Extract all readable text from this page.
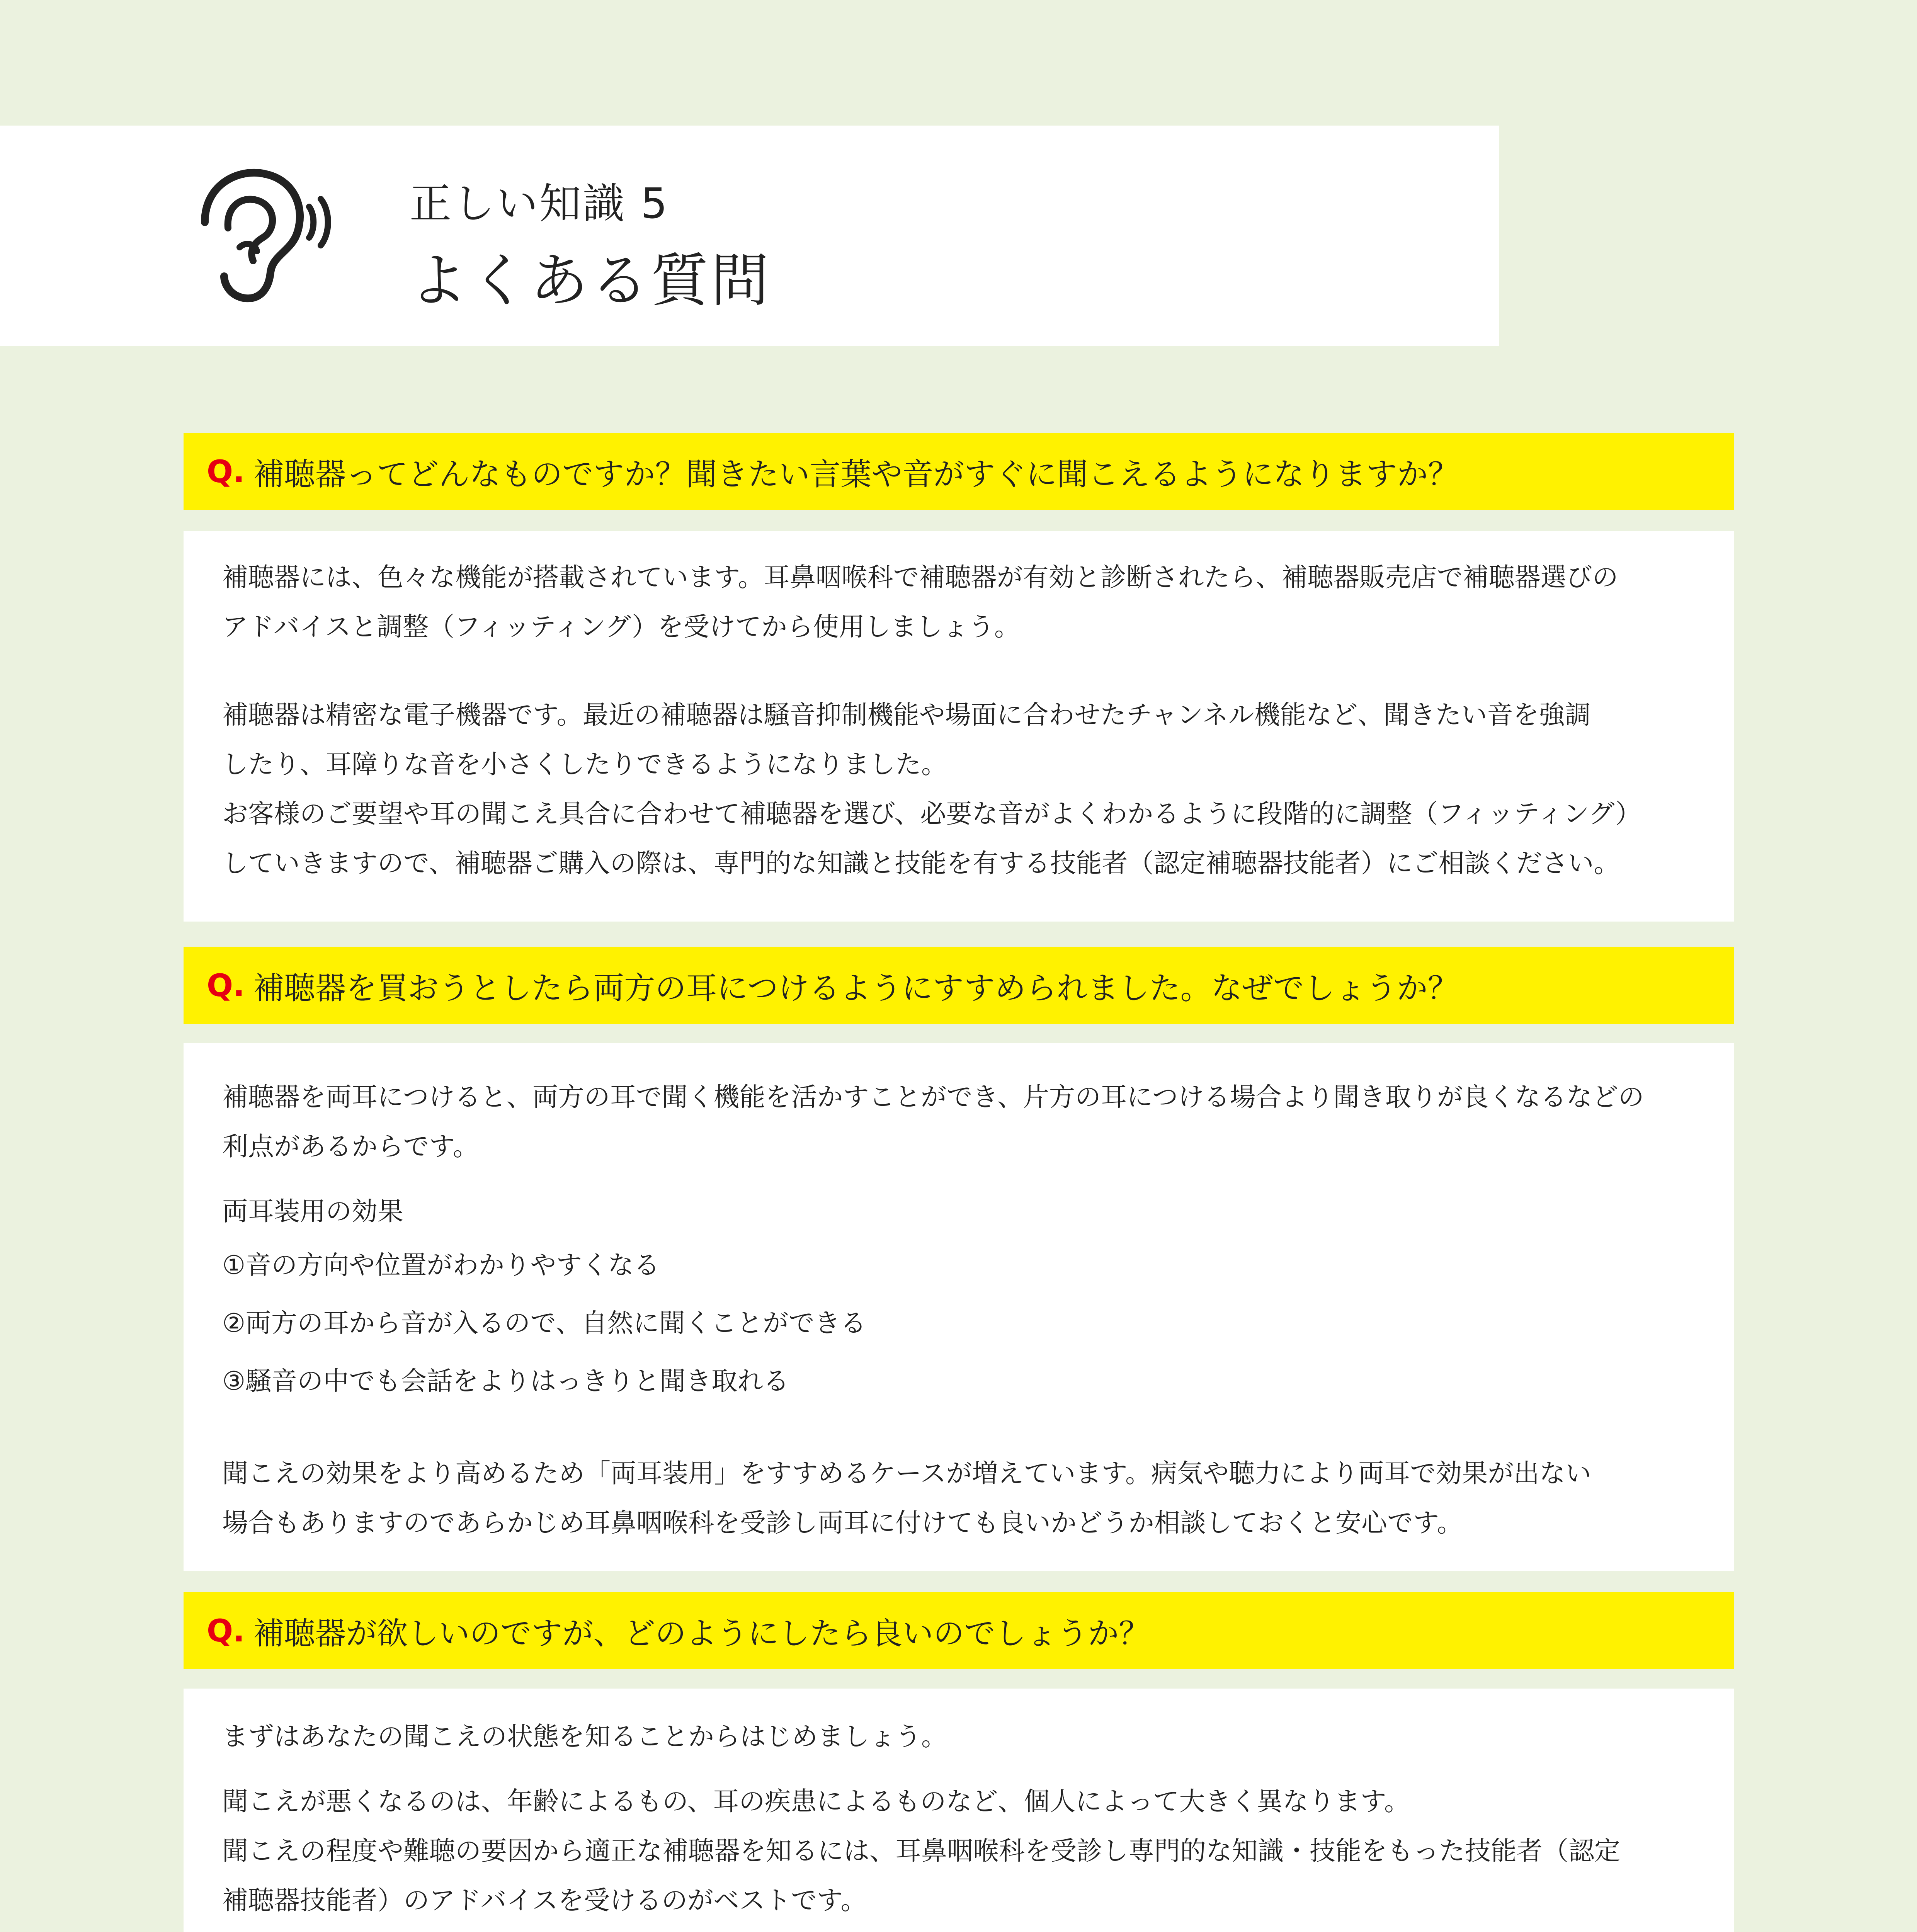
正しい知識 5
よくある質問
Q. 補聴器ってどんなものですか？聞きたい言葉や音がすぐに聞こえるようになりますか？

補聴器には、色々な機能が搭載されています。耳鼻咽喉科で補聴器が有効と診断されたら、補聴器販売店で補聴器選びの

アドバイスと調整（フィッティング）を受けてから使用しましょう。

補聴器は精密な電子機器です。最近の補聴器は騒音抑制機能や場面に合わせたチャンネル機能など、聞きたい音を強調

したり、耳障りな音を小さくしたりできるようになりました。

お客様のご要望や耳の聞こえ具合に合わせて補聴器を選び、必要な音がよくわかるように段階的に調整（フィッティング）

していきますので、補聴器ご購入の際は、専門的な知識と技能を有する技能者（認定補聴器技能者）にご相談ください。

Q. 補聴器を買おうとしたら両方の耳につけるようにすすめられました。なぜでしょうか？

補聴器を両耳につけると、両方の耳で聞く機能を活かすことができ、片方の耳につける場合より聞き取りが良くなるなどの

利点があるからです。

両耳装用の効果

①音の方向や位置がわかりやすくなる

②両方の耳から音が入るので、自然に聞くことができる

③騒音の中でも会話をよりはっきりと聞き取れる

聞こえの効果をより高めるため「両耳装用」をすすめるケースが増えています。病気や聴力により両耳で効果が出ない

場合もありますのであらかじめ耳鼻咽喉科を受診し両耳に付けても良いかどうか相談しておくと安心です。

Q. 補聴器が欲しいのですが、どのようにしたら良いのでしょうか？

まずはあなたの聞こえの状態を知ることからはじめましょう。

聞こえが悪くなるのは、年齢によるもの、耳の疾患によるものなど、個人によって大きく異なります。

聞こえの程度や難聴の要因から適正な補聴器を知るには、耳鼻咽喉科を受診し専門的な知識・技能をもった技能者（認定

補聴器技能者）のアドバイスを受けるのがベストです。
